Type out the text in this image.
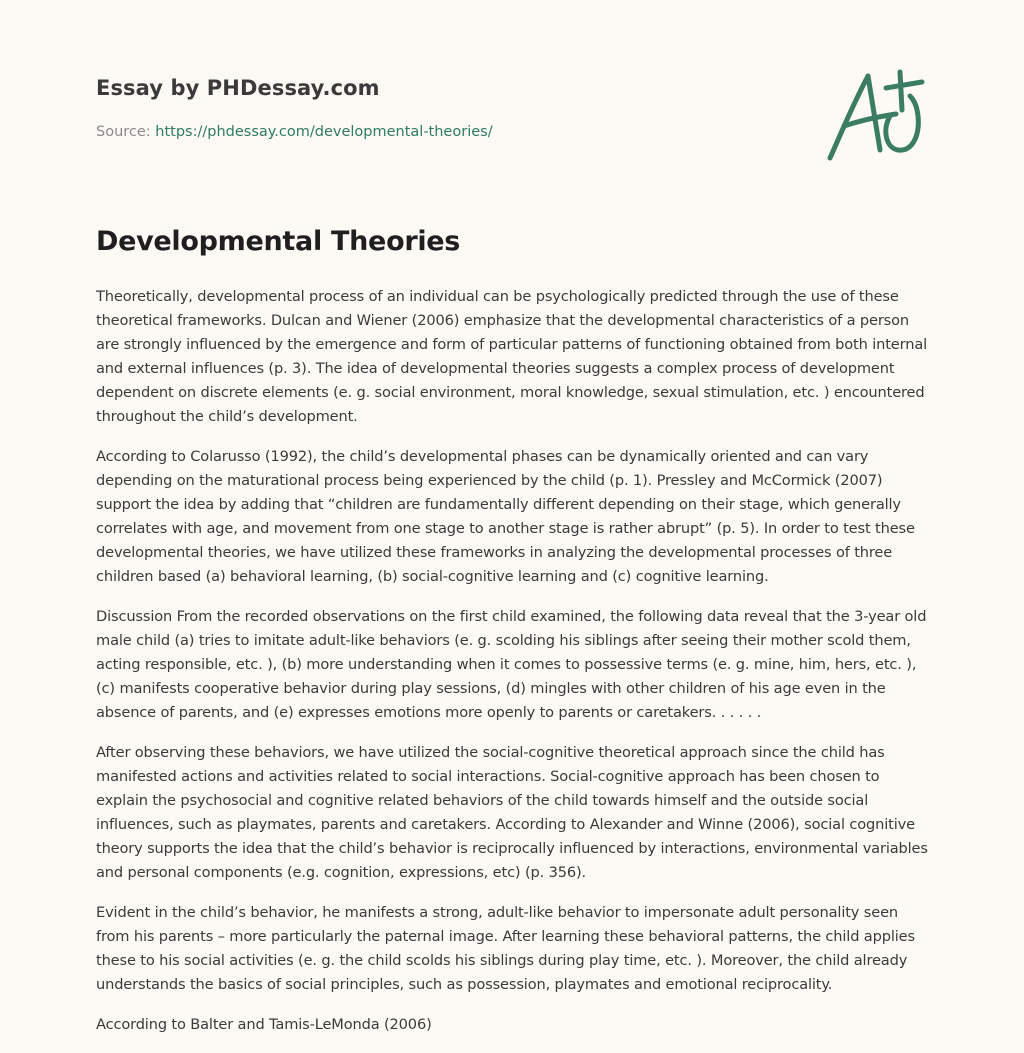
Essay by PHDessay.com

Source: https://phdessay.com/developmental-theories/

Developmental Theories

Theoretically, developmental process of an individual can be psychologically predicted through the use of these theoretical frameworks. Dulcan and Wiener (2006) emphasize that the developmental characteristics of a person are strongly influenced by the emergence and form of particular patterns of functioning obtained from both internal and external influences (p. 3). The idea of developmental theories suggests a complex process of development dependent on discrete elements (e. g. social environment, moral knowledge, sexual stimulation, etc. ) encountered throughout the child’s development.

According to Colarusso (1992), the child’s developmental phases can be dynamically oriented and can vary depending on the maturational process being experienced by the child (p. 1). Pressley and McCormick (2007) support the idea by adding that “children are fundamentally different depending on their stage, which generally correlates with age, and movement from one stage to another stage is rather abrupt” (p. 5). In order to test these developmental theories, we have utilized these frameworks in analyzing the developmental processes of three children based (a) behavioral learning, (b) social-cognitive learning and (c) cognitive learning.

Discussion From the recorded observations on the first child examined, the following data reveal that the 3-year old male child (a) tries to imitate adult-like behaviors (e. g. scolding his siblings after seeing their mother scold them, acting responsible, etc. ), (b) more understanding when it comes to possessive terms (e. g. mine, him, hers, etc. ), (c) manifests cooperative behavior during play sessions, (d) mingles with other children of his age even in the absence of parents, and (e) expresses emotions more openly to parents or caretakers. . . . . .

After observing these behaviors, we have utilized the social-cognitive theoretical approach since the child has manifested actions and activities related to social interactions. Social-cognitive approach has been chosen to explain the psychosocial and cognitive related behaviors of the child towards himself and the outside social influences, such as playmates, parents and caretakers. According to Alexander and Winne (2006), social cognitive theory supports the idea that the child’s behavior is reciprocally influenced by interactions, environmental variables and personal components (e.g. cognition, expressions, etc) (p. 356).

Evident in the child’s behavior, he manifests a strong, adult-like behavior to impersonate adult personality seen from his parents – more particularly the paternal image. After learning these behavioral patterns, the child applies these to his social activities (e. g. the child scolds his siblings during play time, etc. ). Moreover, the child already understands the basics of social principles, such as possession, playmates and emotional reciprocality.

According to Balter and Tamis-LeMonda (2006)
